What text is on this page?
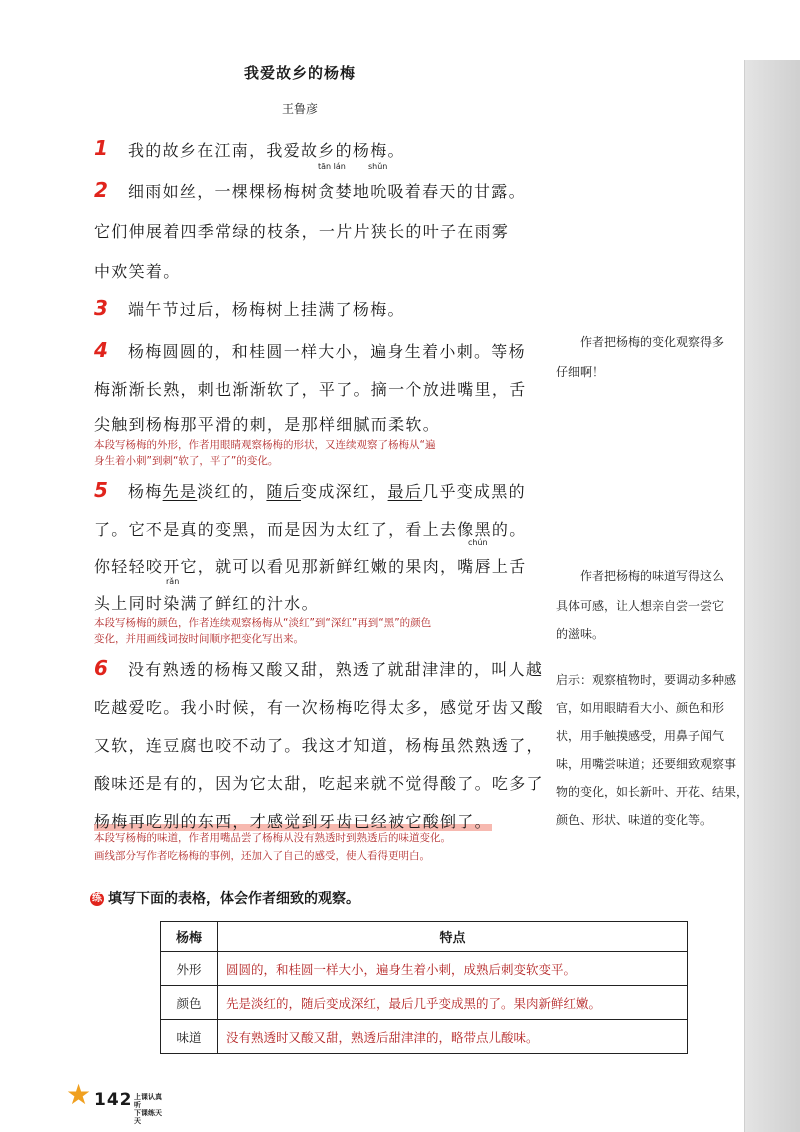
我爱故乡的杨梅
王鲁彦
1	我的故乡在江南，我爱故乡的杨梅。
tān lán	shǔn
2	细雨如丝，一棵棵杨梅树贪婪地吮吸着春天的甘露。
它们伸展着四季常绿的枝条，一片片狭长的叶子在雨雾
中欢笑着。
3	端午节过后，杨梅树上挂满了杨梅。
4	杨梅圆圆的，和桂圆一样大小，遍身生着小刺。等杨
梅渐渐长熟，刺也渐渐软了，平了。摘一个放进嘴里，舌
尖触到杨梅那平滑的刺，是那样细腻而柔软。
本段写杨梅的外形，作者用眼睛观察杨梅的形状，又连续观察了杨梅从“遍
身生着小刺”到刺“软了，平了”的变化。
5	杨梅先是淡红的，随后变成深红，最后几乎变成黑的
了。它不是真的变黑，而是因为太红了，看上去像黑的。
chún
你轻轻咬开它，就可以看见那新鲜红嫩的果肉，嘴唇上舌
rǎn
头上同时染满了鲜红的汁水。
本段写杨梅的颜色，作者连续观察杨梅从“淡红”到“深红”再到“黑”的颜色
变化，并用画线词按时间顺序把变化写出来。
6	没有熟透的杨梅又酸又甜，熟透了就甜津津的，叫人越
吃越爱吃。我小时候，有一次杨梅吃得太多，感觉牙齿又酸
又软，连豆腐也咬不动了。我这才知道，杨梅虽然熟透了，
酸味还是有的，因为它太甜，吃起来就不觉得酸了。吃多了
杨梅再吃别的东西，才感觉到牙齿已经被它酸倒了。
本段写杨梅的味道，作者用嘴品尝了杨梅从没有熟透时到熟透后的味道变化。
画线部分写作者吃杨梅的事例，还加入了自己的感受，使人看得更明白。
作者把杨梅的变化观察得多
仔细啊！
作者把杨梅的味道写得这么
具体可感，让人想亲自尝一尝它
的滋味。
启示：观察植物时，要调动多种感
官，如用眼睛看大小、颜色和形
状，用手触摸感受，用鼻子闻气
味，用嘴尝味道；还要细致观察事
物的变化，如长新叶、开花、结果，
颜色、形状、味道的变化等。
练 填写下面的表格，体会作者细致的观察。
杨梅	特点
外形	圆圆的，和桂圆一样大小，遍身生着小刺，成熟后刺变软变平。
颜色	先是淡红的，随后变成深红，最后几乎变成黑的了。果肉新鲜红嫩。
味道	没有熟透时又酸又甜，熟透后甜津津的，略带点儿酸味。
★ 142 上课认真听
下课练天天
